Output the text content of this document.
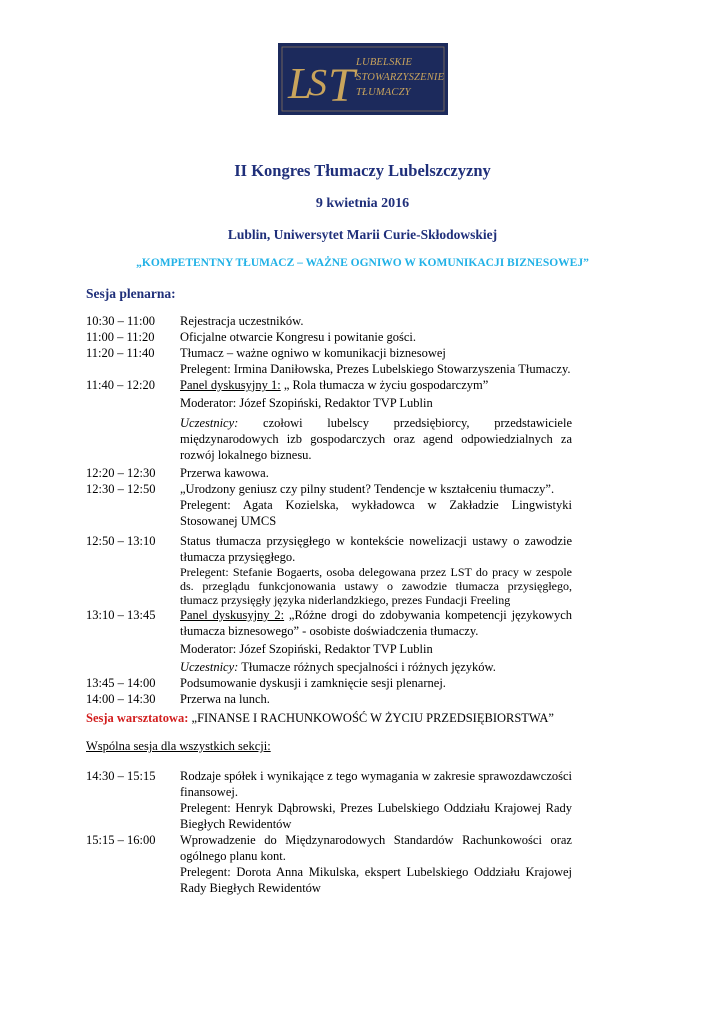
L
S T LUBELSKIE
STOWARZYSZENIE
TŁUMACZY
II Kongres Tłumaczy Lubelszczyzny
9 kwietnia 2016
Lublin, Uniwersytet Marii Curie-Skłodowskiej
„KOMPETENTNY TŁUMACZ – WAŻNE OGNIWO W KOMUNIKACJI BIZNESOWEJ”
Sesja plenarna:
10:30 – 11:00	Rejestracja uczestników.

11:00 – 11:20	Oficjalne otwarcie Kongresu i powitanie gości.

11:20 – 11:40	Tłumacz – ważne ogniwo w komunikacji biznesowej

Prelegent: Irmina Daniłowska, Prezes Lubelskiego Stowarzyszenia Tłumaczy.

11:40 – 12:20	Panel dyskusyjny 1: „ Rola tłumacza w życiu gospodarczym”

Moderator: Józef Szopiński, Redaktor TVP Lublin

Uczestnicy: czołowi lubelscy przedsiębiorcy, przedstawiciele międzynarodowych izb gospodarczych oraz agend odpowiedzialnych za rozwój lokalnego biznesu.

12:20 – 12:30	Przerwa kawowa.

12:30 – 12:50	„Urodzony geniusz czy pilny student? Tendencje w kształceniu tłumaczy”.

Prelegent: Agata Kozielska, wykładowca w Zakładzie Lingwistyki Stosowanej UMCS

12:50 – 13:10	Status tłumacza przysięgłego w kontekście nowelizacji ustawy o zawodzie tłumacza przysięgłego.

Prelegent: Stefanie Bogaerts, osoba delegowana przez LST do pracy w zespole ds. przeglądu funkcjonowania ustawy o zawodzie tłumacza przysięgłego, tłumacz przysięgły języka niderlandzkiego, prezes Fundacji Freeling

13:10 – 13:45	Panel dyskusyjny 2: „Różne drogi do zdobywania kompetencji językowych tłumacza biznesowego” - osobiste doświadczenia tłumaczy.

Moderator: Józef Szopiński, Redaktor TVP Lublin

Uczestnicy: Tłumacze różnych specjalności i różnych języków.

13:45 – 14:00	Podsumowanie dyskusji i zamknięcie sesji plenarnej.

14:00 – 14:30	Przerwa na lunch.

Sesja warsztatowa: „FINANSE I RACHUNKOWOŚĆ W ŻYCIU PRZEDSIĘBIORSTWA”
Wspólna sesja dla wszystkich sekcji:
14:30 – 15:15	Rodzaje spółek i wynikające z tego wymagania w zakresie sprawozdawczości finansowej.

Prelegent: Henryk Dąbrowski, Prezes Lubelskiego Oddziału Krajowej Rady Biegłych Rewidentów

15:15 – 16:00	Wprowadzenie do Międzynarodowych Standardów Rachunkowości oraz ogólnego planu kont.

Prelegent: Dorota Anna Mikulska, ekspert Lubelskiego Oddziału Krajowej Rady Biegłych Rewidentów
